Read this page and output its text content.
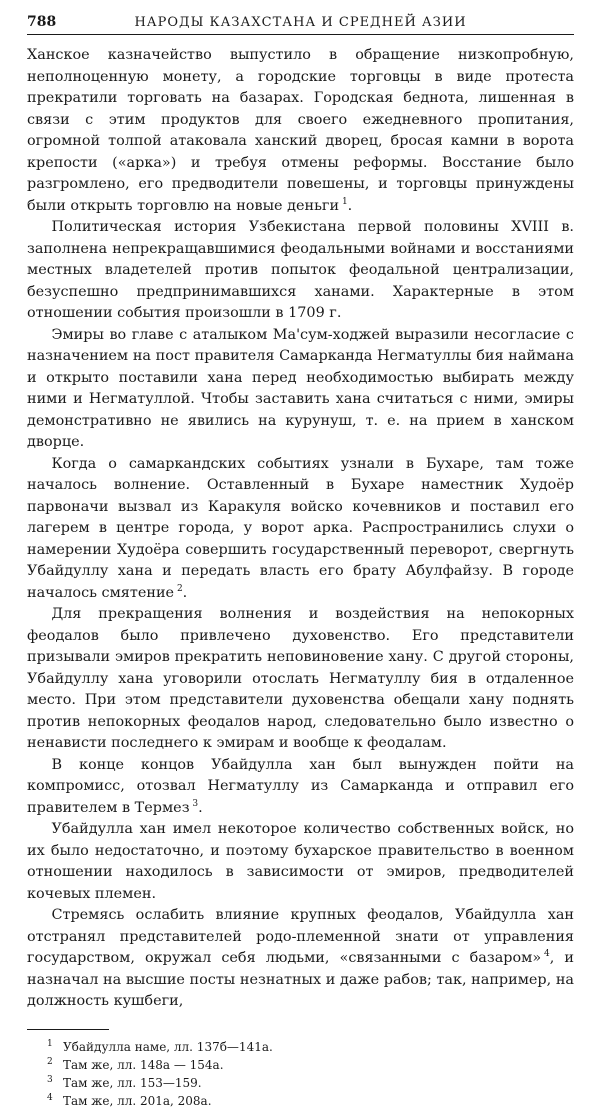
788	НАРОДЫ КАЗАХСТАНА И СРЕДНЕЙ АЗИИ

Ханское казначейство выпустило в обращение низкопробную, неполноценную монету, а городские торговцы в виде протеста прекратили торговать на базарах. Городская беднота, лишенная в связи с этим продуктов для своего ежедневного пропитания, огромной толпой атаковала ханский дворец, бросая камни в ворота крепости («арка») и требуя отмены реформы. Восстание было разгромлено, его предводители повешены, и торговцы принуждены были открыть торговлю на новые деньги  $^1$.

Политическая история Узбекистана первой половины XVIII в. заполнена непрекращавшимися феодальными войнами и восстаниями местных владетелей против попыток феодальной централизации, безуспешно предпринимавшихся ханами. Характерные в этом отношении события произошли в 1709 г.

Эмиры во главе с аталыком Ма'сум-ходжей выразили несогласие с назначением на пост правителя Самарканда Негматуллы бия наймана и открыто поставили хана перед необходимостью выбирать между ними и Негматуллой. Чтобы заставить хана считаться с ними, эмиры демонстративно не явились на курунуш, т. е. на прием в ханском дворце.

Когда о самаркандских событиях узнали в Бухаре, там тоже началось волнение. Оставленный в Бухаре наместник Худоёр парвоначи вызвал из Каракуля войско кочевников и поставил его лагерем в центре города, у ворот арка. Распространились слухи о намерении Худоёра совершить государственный переворот, свергнуть Убайдуллу хана и передать власть его брату Абулфайзу. В городе началось смятение  $^2$.

Для прекращения волнения и воздействия на непокорных феодалов было привлечено духовенство. Его представители призывали эмиров прекратить неповиновение хану. С другой стороны, Убайдуллу хана уговорили отослать Негматуллу бия в отдаленное место. При этом представители духовенства обещали хану поднять против непокорных феодалов народ, следовательно было известно о ненависти последнего к эмирам и вообще к феодалам.

В конце концов Убайдулла хан был вынужден пойти на компромисс, отозвал Негматуллу из Самарканда и отправил его правителем в Термез  $^3$.

Убайдулла хан имел некоторое количество собственных войск, но их было недостаточно, и поэтому бухарское правительство в военном отношении находилось в зависимости от эмиров, предводителей кочевых племен.

Стремясь ослабить влияние крупных феодалов, Убайдулла хан отстранял представителей родо-племенной знати от управления государством, окружал себя людьми, «связанными с базаром»  $^4$, и назначал на высшие посты незнатных и даже рабов; так, например, на должность кушбеги,

1 Убайдулла наме, лл. 137б—141а.
2 Там же, лл. 148а — 154а.
3 Там же, лл. 153—159.
4 Там же, лл. 201а, 208а.
